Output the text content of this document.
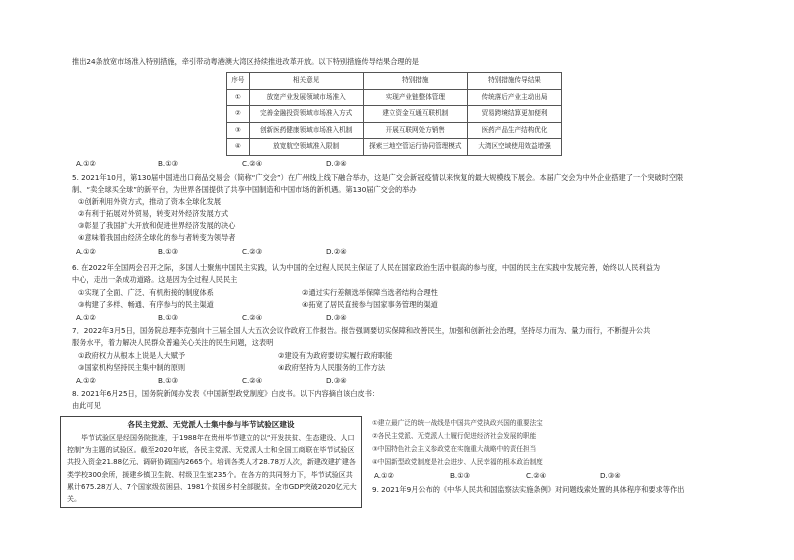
推出24条放宽市场准入特别措施，牵引带动粤港澳大湾区持续推进改革开放。以下特别措施传导结果合理的是
序号	相关意见	特别措施	特别措施传导结果
①	放宽产业发展领域市场准入	实现产业链整体管理	传统落后产业主动出局
②	完善金融投资领域市场准入方式	建立资金互通互联机制	贸易跨境结算更加便利
③	创新医药健康领域市场准入机制	开展互联网处方销售	医药产品生产结构优化
④	放宽航空领域准入限制	探索三地空管运行协同管理模式	大湾区空域使用效益增强
A.①②	B.①③	C.②④	D.③④
5. 2021年10月，第130届中国进出口商品交易会（简称“广交会”）在广州线上线下融合举办，这是广交会新冠疫情以来恢复的最大规模线下展会。本届广交会为中外企业搭建了一个突破时空限
制、“卖全球买全球”的新平台，为世界各国提供了共享中国制造和中国市场的新机遇。第130届广交会的举办
①创新利用外资方式，推动了资本全球化发展
②有利于拓展对外贸易，转变对外经济发展方式
③彰显了我国扩大开放和促进世界经济发展的决心
④意味着我国由经济全球化的参与者转变为领导者
A.①②	B.①③	C.②③	D.②④
6. 在2022年全国两会召开之际，多国人士聚焦中国民主实践，认为中国的全过程人民民主保证了人民在国家政治生活中很高的参与度，中国的民主在实践中发展完善，始终以人民利益为
中心，走出一条成功道路。这是因为全过程人民民主
①实现了全面、广泛、有机衔接的制度体系	②通过实行差额选举保障当选者结构合理性
③构建了多样、畅通、有序参与的民主渠道	④拓宽了居民直接参与国家事务管理的渠道
A.①②	B.①③	C.②④	D.③④
7．2022年3月5日，国务院总理李克强向十三届全国人大五次会议作政府工作报告。报告强调要切实保障和改善民生，加强和创新社会治理，坚持尽力而为、量力而行，不断提升公共
服务水平，着力解决人民群众普遍关心关注的民生问题，这表明
①政府权力从根本上说是人大赋予	②建设有为政府要切实履行政府职能
③国家机构坚持民主集中制的原则	④政府坚持为人民服务的工作方法
A.①②	B.①③	C.②④	D.③④
8. 2021年6月25日，国务院新闻办发表《中国新型政党制度》白皮书。以下内容摘自该白皮书：
由此可见
各民主党派、无党派人士集中参与毕节试验区建设
毕节试验区是经国务院批准，于1988年在贵州毕节建立的以“开发扶贫、生态建设、人口控制”为主题的试验区。截至2020年底，各民主党派、无党派人士和全国工商联在毕节试验区共投入资金21.88亿元、调研协调国内2665个。培训各类人才28.78万人次，新建改建扩建各类学校300余所，援建乡镇卫生院、村级卫生室235个。在各方的共同努力下，毕节试验区共累计675.28万人、7个国家级贫困县、1981个贫困乡村全部脱贫。全市GDP突破2020亿元大关。
①建立最广泛的统一战线是中国共产党执政兴国的重要法宝
②各民主党派、无党派人士履行促进经济社会发展的职能
③中国特色社会主义参政党在实施重大战略中的责任担当
④中国新型政党制度是社会进步、人民幸福的根本政治制度
A.①②	B.①③	C.②④	D.③④
9. 2021年9月公布的《中华人民共和国监察法实施条例》对问题线索处置的具体程序和要求等作出
